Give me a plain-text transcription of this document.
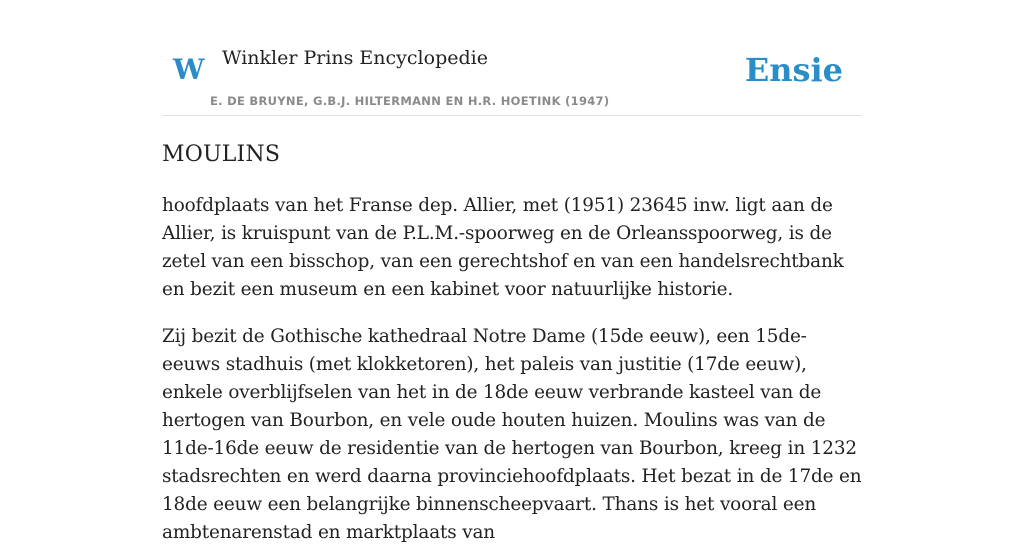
W Winkler Prins Encyclopedie
E. DE BRUYNE, G.B.J. HILTERMANN EN H.R. HOETINK (1947)
Ensie
MOULINS

hoofdplaats van het Franse dep. Allier, met (1951) 23645 inw. ligt aan de Allier, is kruispunt van de P.L.M.-spoorweg en de Orleansspoorweg, is de zetel van een bisschop, van een gerechtshof en van een handelsrechtbank en bezit een museum en een kabinet voor natuurlijke historie.

Zij bezit de Gothische kathedraal Notre Dame (15de eeuw), een 15de-eeuws stadhuis (met klokketoren), het paleis van justitie (17de eeuw), enkele overblijfselen van het in de 18de eeuw verbrande kasteel van de hertogen van Bourbon, en vele oude houten huizen. Moulins was van de 11de-16de eeuw de residentie van de hertogen van Bourbon, kreeg in 1232 stadsrechten en werd daarna provinciehoofdplaats. Het bezat in de 17de en 18de eeuw een belangrijke binnenscheepvaart. Thans is het vooral een ambtenarenstad en marktplaats van
